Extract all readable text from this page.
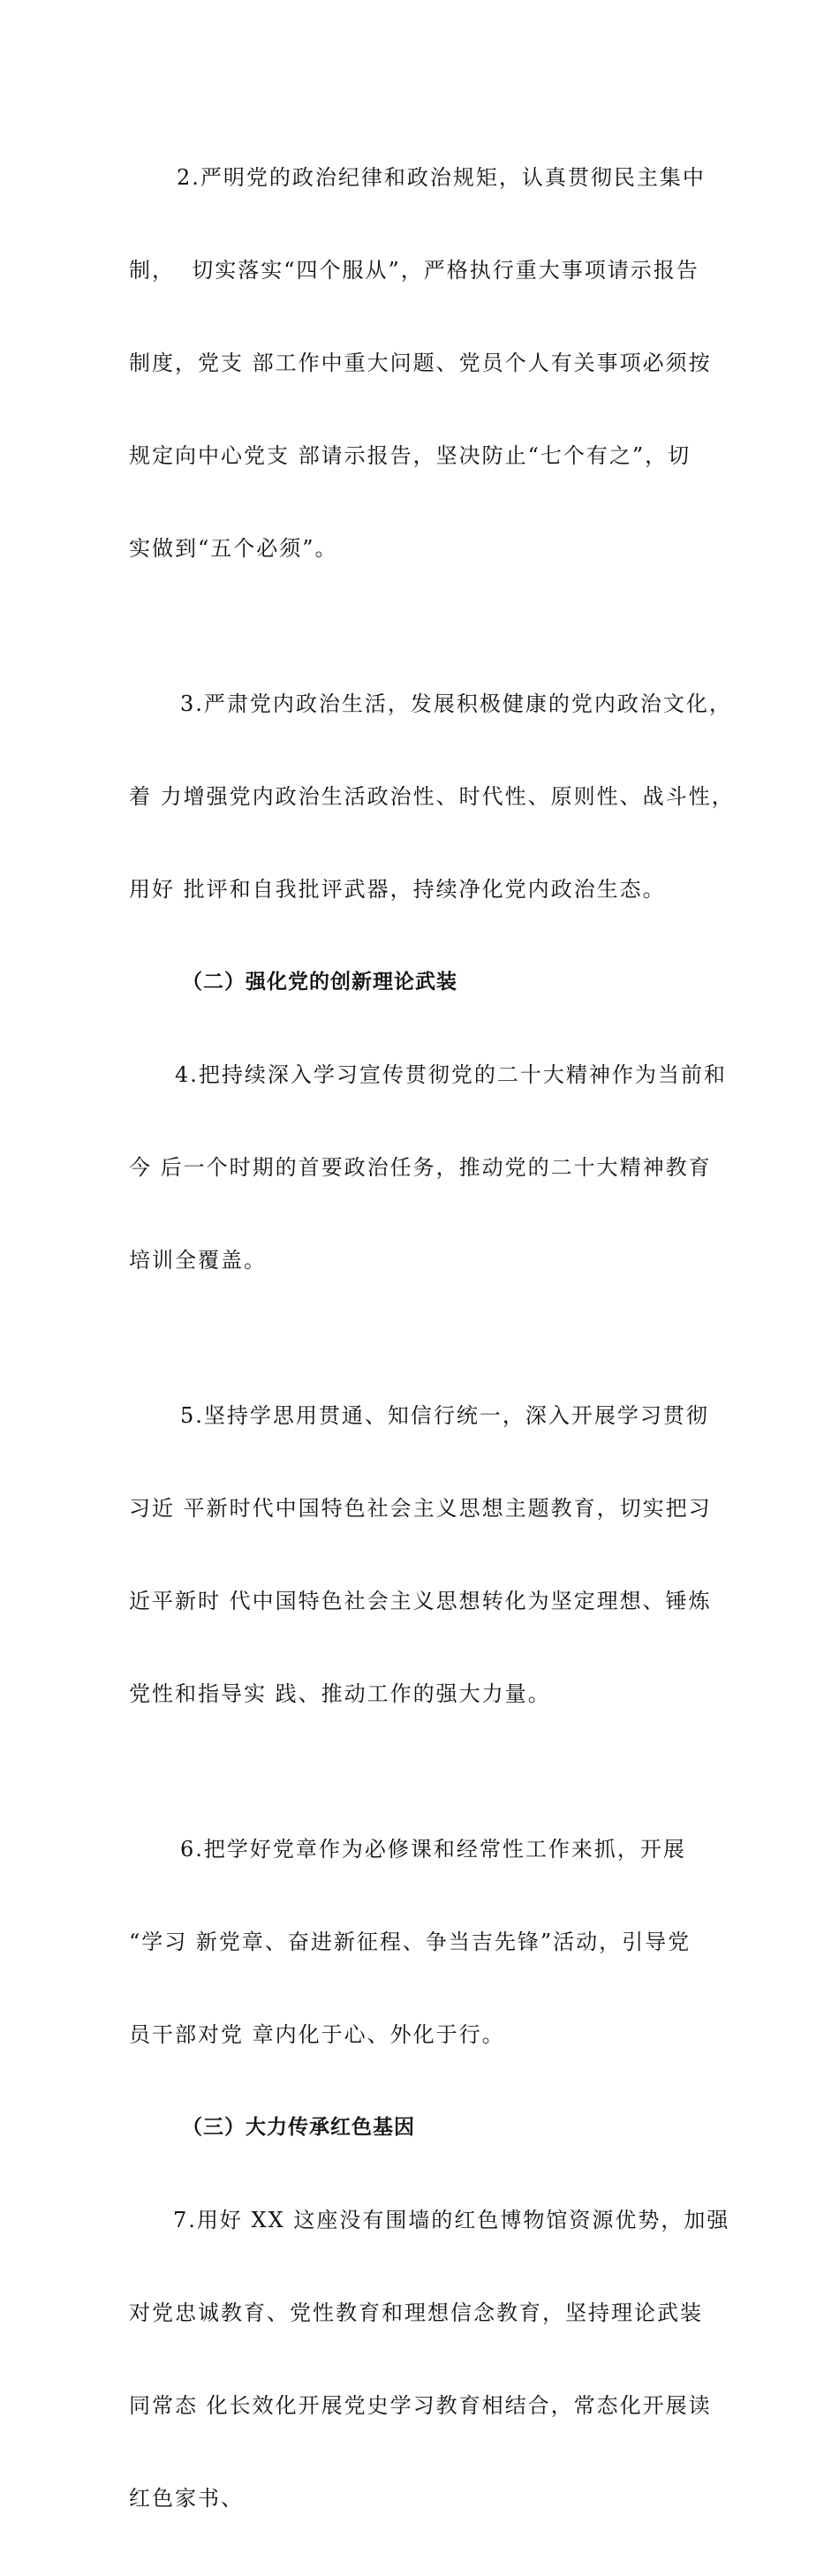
2.严明党的政治纪律和政治规矩，认真贯彻民主集中

制，  切实落实“四个服从”，严格执行重大事项请示报告

制度，党支 部工作中重大问题、党员个人有关事项必须按

规定向中心党支 部请示报告，坚决防止“七个有之”，切

实做到“五个必须”。

3.严肃党内政治生活，发展积极健康的党内政治文化，

着 力增强党内政治生活政治性、时代性、原则性、战斗性，

用好 批评和自我批评武器，持续净化党内政治生态。

（二）强化党的创新理论武装

4.把持续深入学习宣传贯彻党的二十大精神作为当前和

今 后一个时期的首要政治任务，推动党的二十大精神教育

培训全覆盖。

5.坚持学思用贯通、知信行统一，深入开展学习贯彻

习近 平新时代中国特色社会主义思想主题教育，切实把习

近平新时 代中国特色社会主义思想转化为坚定理想、锤炼

党性和指导实 践、推动工作的强大力量。

6.把学好党章作为必修课和经常性工作来抓，开展

“学习 新党章、奋进新征程、争当吉先锋”活动，引导党

员干部对党 章内化于心、外化于行。

（三）大力传承红色基因

7.用好 XX 这座没有围墙的红色博物馆资源优势，加强

对党忠诚教育、党性教育和理想信念教育，坚持理论武装

同常态 化长效化开展党史学习教育相结合，常态化开展读

红色家书、
